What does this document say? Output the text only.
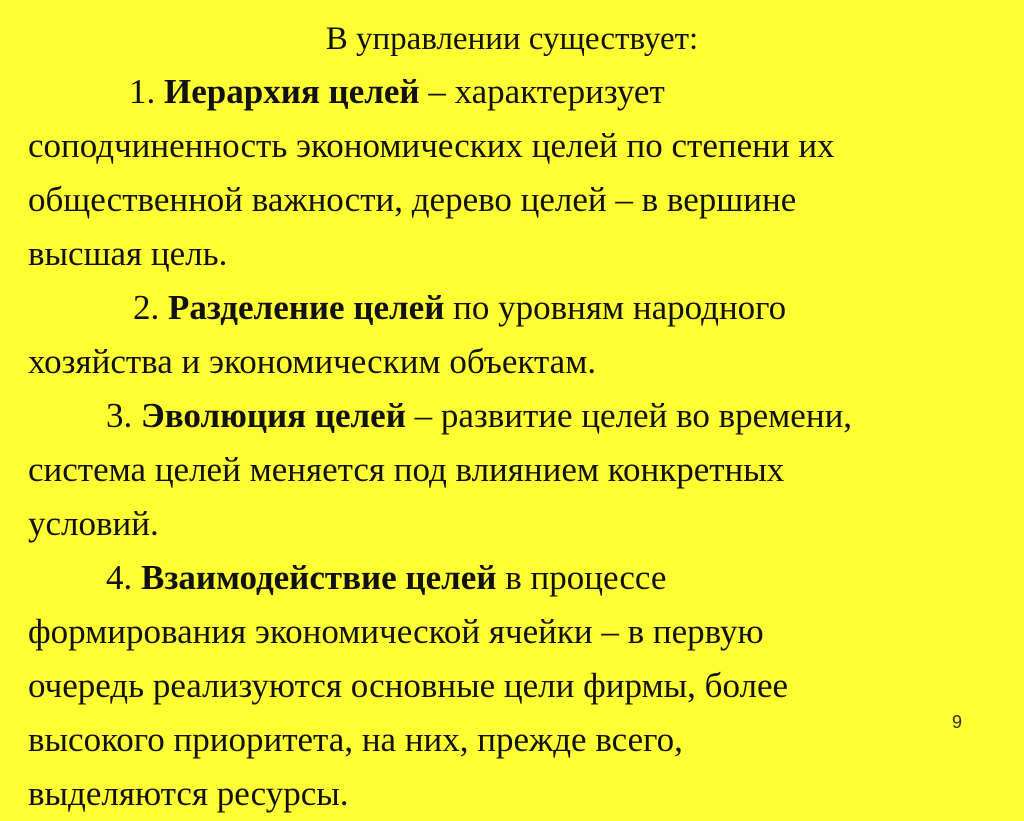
В управлении существует:
1. Иерархия целей – характеризует
соподчиненность экономических целей по степени их
общественной важности, дерево целей – в вершине
высшая цель.
2. Разделение целей по уровням народного
хозяйства и экономическим объектам.
3. Эволюция целей – развитие целей во времени,
система целей меняется под влиянием конкретных
условий.
4. Взаимодействие целей в процессе
формирования экономической ячейки – в первую
очередь реализуются основные цели фирмы, более
высокого приоритета, на них, прежде всего,
выделяются ресурсы.
9
